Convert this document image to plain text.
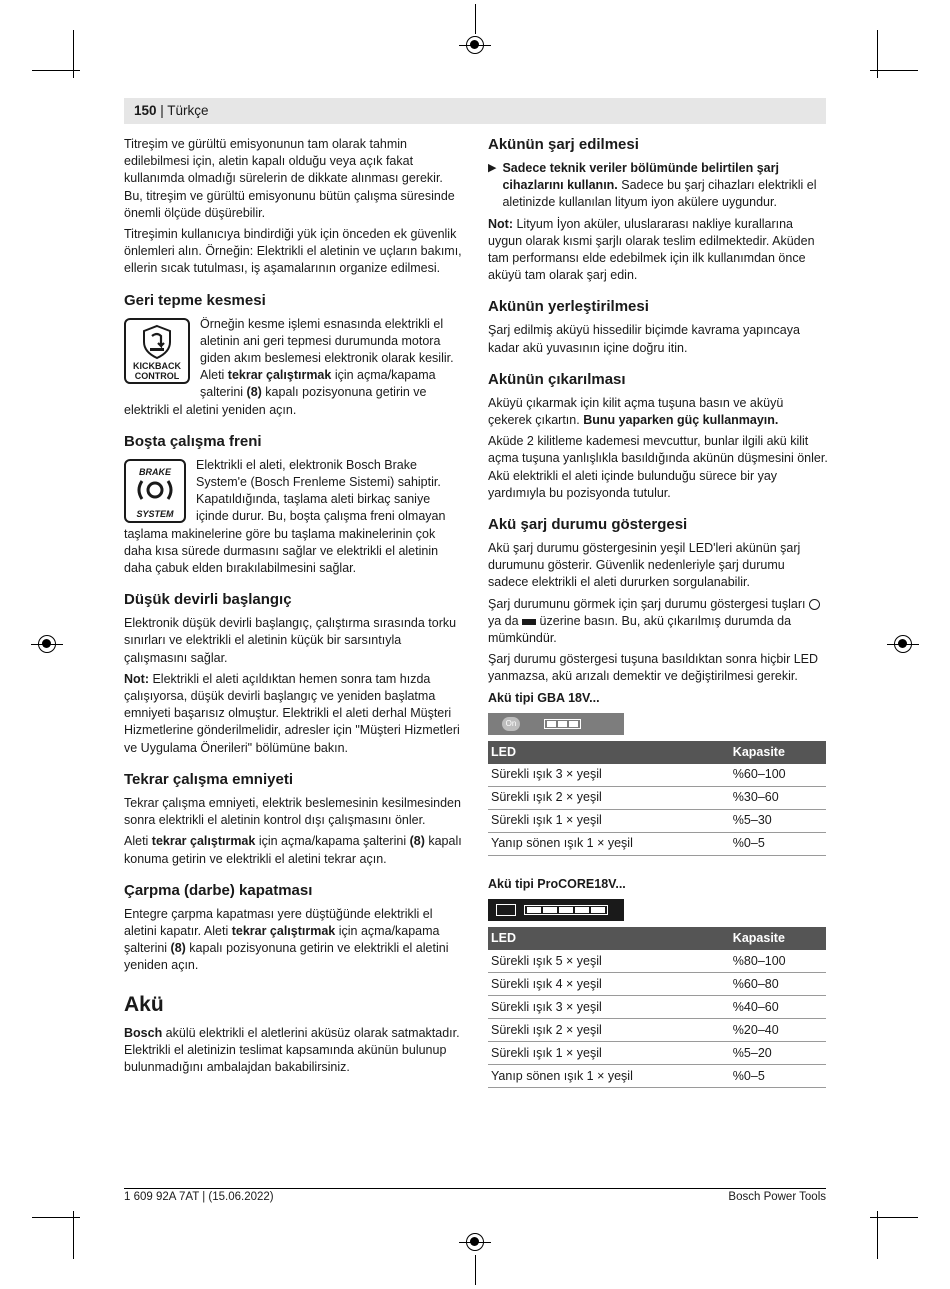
150 | Türkçe

Titreşim ve gürültü emisyonunun tam olarak tahmin edilebilmesi için, aletin kapalı olduğu veya açık fakat kullanımda olmadığı sürelerin de dikkate alınması gerekir. Bu, titreşim ve gürültü emisyonunu bütün çalışma süresinde önemli ölçüde düşürebilir.

Titreşimin kullanıcıya bindirdiği yük için önceden ek güvenlik önlemleri alın. Örneğin: Elektrikli el aletinin ve uçların bakımı, ellerin sıcak tutulması, iş aşamalarının organize edilmesi.

Geri tepme kesmesi
KICKBACK
CONTROL

Örneğin kesme işlemi esnasında elektrikli el aletinin ani geri tepmesi durumunda motora giden akım beslemesi elektronik olarak kesilir.

Aleti tekrar çalıştırmak için açma/kapama şalterini (8) kapalı pozisyonuna getirin ve elektrikli el aletini yeniden açın.

Boşta çalışma freni
BRAKE
SYSTEM

Elektrikli el aleti, elektronik Bosch Brake System'e (Bosch Frenleme Sistemi) sahiptir. Kapatıldığında, taşlama aleti birkaç saniye içinde durur. Bu, boşta çalışma freni olmayan taşlama makinelerine göre bu taşlama makinelerinin çok daha kısa sürede durmasını sağlar ve elektrikli el aletinin daha çabuk elden bırakılabilmesini sağlar.

Düşük devirli başlangıç

Elektronik düşük devirli başlangıç, çalıştırma sırasında torku sınırları ve elektrikli el aletinin küçük bir sarsıntıyla çalışmasını sağlar.

Not: Elektrikli el aleti açıldıktan hemen sonra tam hızda çalışıyorsa, düşük devirli başlangıç ve yeniden başlatma emniyeti başarısız olmuştur. Elektrikli el aleti derhal Müşteri Hizmetlerine gönderilmelidir, adresler için "Müşteri Hizmetleri ve Uygulama Önerileri" bölümüne bakın.

Tekrar çalışma emniyeti

Tekrar çalışma emniyeti, elektrik beslemesinin kesilmesinden sonra elektrikli el aletinin kontrol dışı çalışmasını önler.

Aleti tekrar çalıştırmak için açma/kapama şalterini (8) kapalı konuma getirin ve elektrikli el aletini tekrar açın.

Çarpma (darbe) kapatması

Entegre çarpma kapatması yere düştüğünde elektrikli el aletini kapatır. Aleti tekrar çalıştırmak için açma/kapama şalterini (8) kapalı pozisyonuna getirin ve elektrikli el aletini yeniden açın.

Akü

Bosch akülü elektrikli el aletlerini aküsüz olarak satmaktadır. Elektrikli el aletinizin teslimat kapsamında akünün bulunup bulunmadığını ambalajdan bakabilirsiniz.

Akünün şarj edilmesi
▶ Sadece teknik veriler bölümünde belirtilen şarj cihazlarını kullanın. Sadece bu şarj cihazları elektrikli el aletinizde kullanılan lityum iyon akülere uygundur.

Not: Lityum İyon aküler, uluslararası nakliye kurallarına uygun olarak kısmi şarjlı olarak teslim edilmektedir. Aküden tam performansı elde edebilmek için ilk kullanımdan önce aküyü tam olarak şarj edin.

Akünün yerleştirilmesi

Şarj edilmiş aküyü hissedilir biçimde kavrama yapıncaya kadar akü yuvasının içine doğru itin.

Akünün çıkarılması

Aküyü çıkarmak için kilit açma tuşuna basın ve aküyü çekerek çıkartın. Bunu yaparken güç kullanmayın.

Aküde 2 kilitleme kademesi mevcuttur, bunlar ilgili akü kilit açma tuşuna yanlışlıkla basıldığında akünün düşmesini önler. Akü elektrikli el aleti içinde bulunduğu sürece bir yay yardımıyla bu pozisyonda tutulur.

Akü şarj durumu göstergesi

Akü şarj durumu göstergesinin yeşil LED'leri akünün şarj durumunu gösterir. Güvenlik nedenleriyle şarj durumu sadece elektrikli el aleti dururken sorgulanabilir.

Şarj durumunu görmek için şarj durumu göstergesi tuşları  ya da  üzerine basın. Bu, akü çıkarılmış durumda da mümkündür.

Şarj durumu göstergesi tuşuna basıldıktan sonra hiçbir LED yanmazsa, akü arızalı demektir ve değiştirilmesi gerekir.

Akü tipi GBA 18V...
On
LED	Kapasite
Sürekli ışık 3 × yeşil	%60–100
Sürekli ışık 2 × yeşil	%30–60
Sürekli ışık 1 × yeşil	%5–30
Yanıp sönen ışık 1 × yeşil	%0–5
Akü tipi ProCORE18V...
LED	Kapasite
Sürekli ışık 5 × yeşil	%80–100
Sürekli ışık 4 × yeşil	%60–80
Sürekli ışık 3 × yeşil	%40–60
Sürekli ışık 2 × yeşil	%20–40
Sürekli ışık 1 × yeşil	%5–20
Yanıp sönen ışık 1 × yeşil	%0–5
1 609 92A 7AT | (15.06.2022)	Bosch Power Tools
